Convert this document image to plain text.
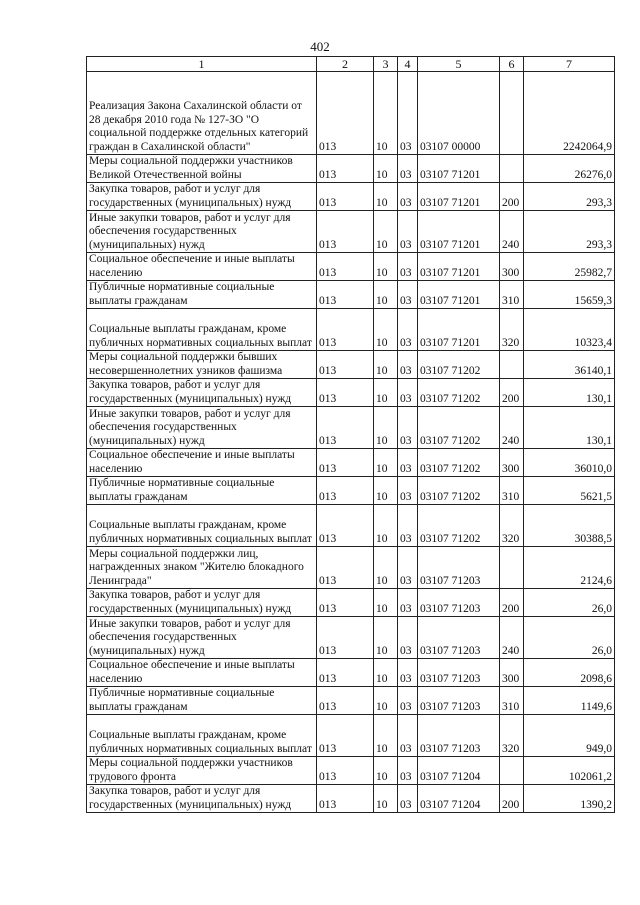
402
1	2	3	4	5	6	7
Реализация Закона Сахалинской области от 28 декабря 2010 года № 127-ЗО "О социальной поддержке отдельных категорий граждан в Сахалинской области"	013	10	03	03107 00000		2242064,9
Меры социальной поддержки участников Великой Отечественной войны	013	10	03	03107 71201		26276,0
Закупка товаров, работ и услуг для государственных (муниципальных) нужд	013	10	03	03107 71201	200	293,3
Иные закупки товаров, работ и услуг для обеспечения государственных (муниципальных) нужд	013	10	03	03107 71201	240	293,3
Социальное обеспечение и иные выплаты населению	013	10	03	03107 71201	300	25982,7
Публичные нормативные социальные выплаты гражданам	013	10	03	03107 71201	310	15659,3
Социальные выплаты гражданам, кроме публичных нормативных социальных выплат	013	10	03	03107 71201	320	10323,4
Меры социальной поддержки бывших несовершеннолетних узников фашизма	013	10	03	03107 71202		36140,1
Закупка товаров, работ и услуг для государственных (муниципальных) нужд	013	10	03	03107 71202	200	130,1
Иные закупки товаров, работ и услуг для обеспечения государственных (муниципальных) нужд	013	10	03	03107 71202	240	130,1
Социальное обеспечение и иные выплаты населению	013	10	03	03107 71202	300	36010,0
Публичные нормативные социальные выплаты гражданам	013	10	03	03107 71202	310	5621,5
Социальные выплаты гражданам, кроме публичных нормативных социальных выплат	013	10	03	03107 71202	320	30388,5
Меры социальной поддержки лиц, награжденных знаком "Жителю блокадного Ленинграда"	013	10	03	03107 71203		2124,6
Закупка товаров, работ и услуг для государственных (муниципальных) нужд	013	10	03	03107 71203	200	26,0
Иные закупки товаров, работ и услуг для обеспечения государственных (муниципальных) нужд	013	10	03	03107 71203	240	26,0
Социальное обеспечение и иные выплаты населению	013	10	03	03107 71203	300	2098,6
Публичные нормативные социальные выплаты гражданам	013	10	03	03107 71203	310	1149,6
Социальные выплаты гражданам, кроме публичных нормативных социальных выплат	013	10	03	03107 71203	320	949,0
Меры социальной поддержки участников трудового фронта	013	10	03	03107 71204		102061,2
Закупка товаров, работ и услуг для государственных (муниципальных) нужд	013	10	03	03107 71204	200	1390,2
